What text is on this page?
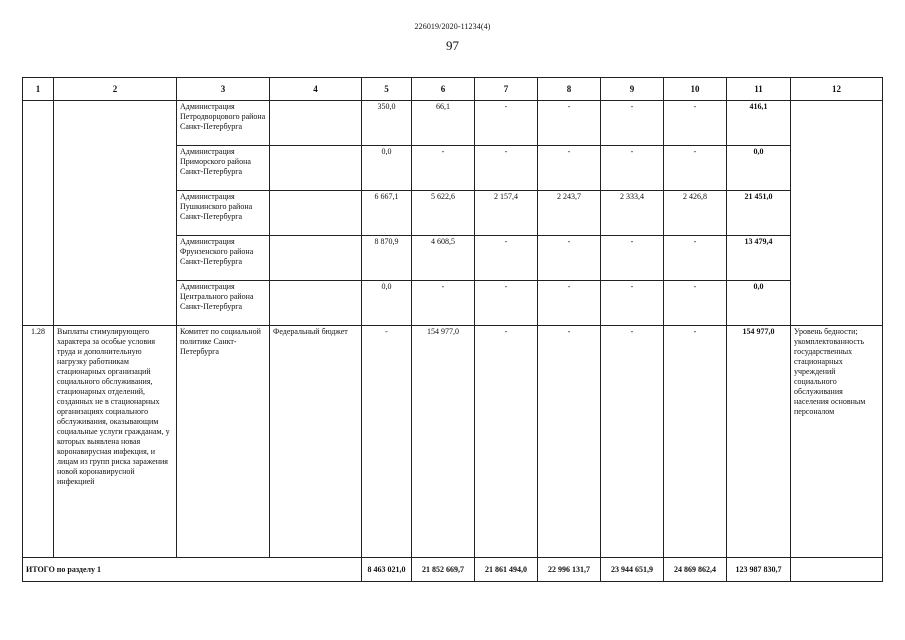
226019/2020-11234(4)
97
1	2	3	4	5	6	7	8	9	10	11	12
		Администрация Петродворцового района Санкт-Петербурга		350,0	66,1	-	-	-	-	416,1	
		Администрация Приморского района Санкт-Петербурга		0,0	-	-	-	-	-	0,0	
		Администрация Пушкинского района Санкт-Петербурга		6 667,1	5 622,6	2 157,4	2 243,7	2 333,4	2 426,8	21 451,0	
		Администрация Фрунзенского района Санкт-Петербурга		8 870,9	4 608,5	-	-	-	-	13 479,4	
		Администрация Центрального района Санкт-Петербурга		0,0	-	-	-	-	-	0,0	
1.28	Выплаты стимулирующего характера за особые условия труда и дополнительную нагрузку работникам стационарных организаций социального обслуживания, стационарных отделений, созданных не в стационарных организациях социального обслуживания, оказывающим социальные услуги гражданам, у которых выявлена новая коронавирусная инфекция, и лицам из групп риска заражения новой коронавирусной инфекцией	Комитет по социальной политике Санкт-Петербурга	Федеральный бюджет	-	154 977,0	-	-	-	-	154 977,0	Уровень бедности; укомплектованность государственных стационарных учреждений социального обслуживания населения основным персоналом
ИТОГО по разделу 1				8 463 021,0	21 852 669,7	21 861 494,0	22 996 131,7	23 944 651,9	24 869 862,4	123 987 830,7	
